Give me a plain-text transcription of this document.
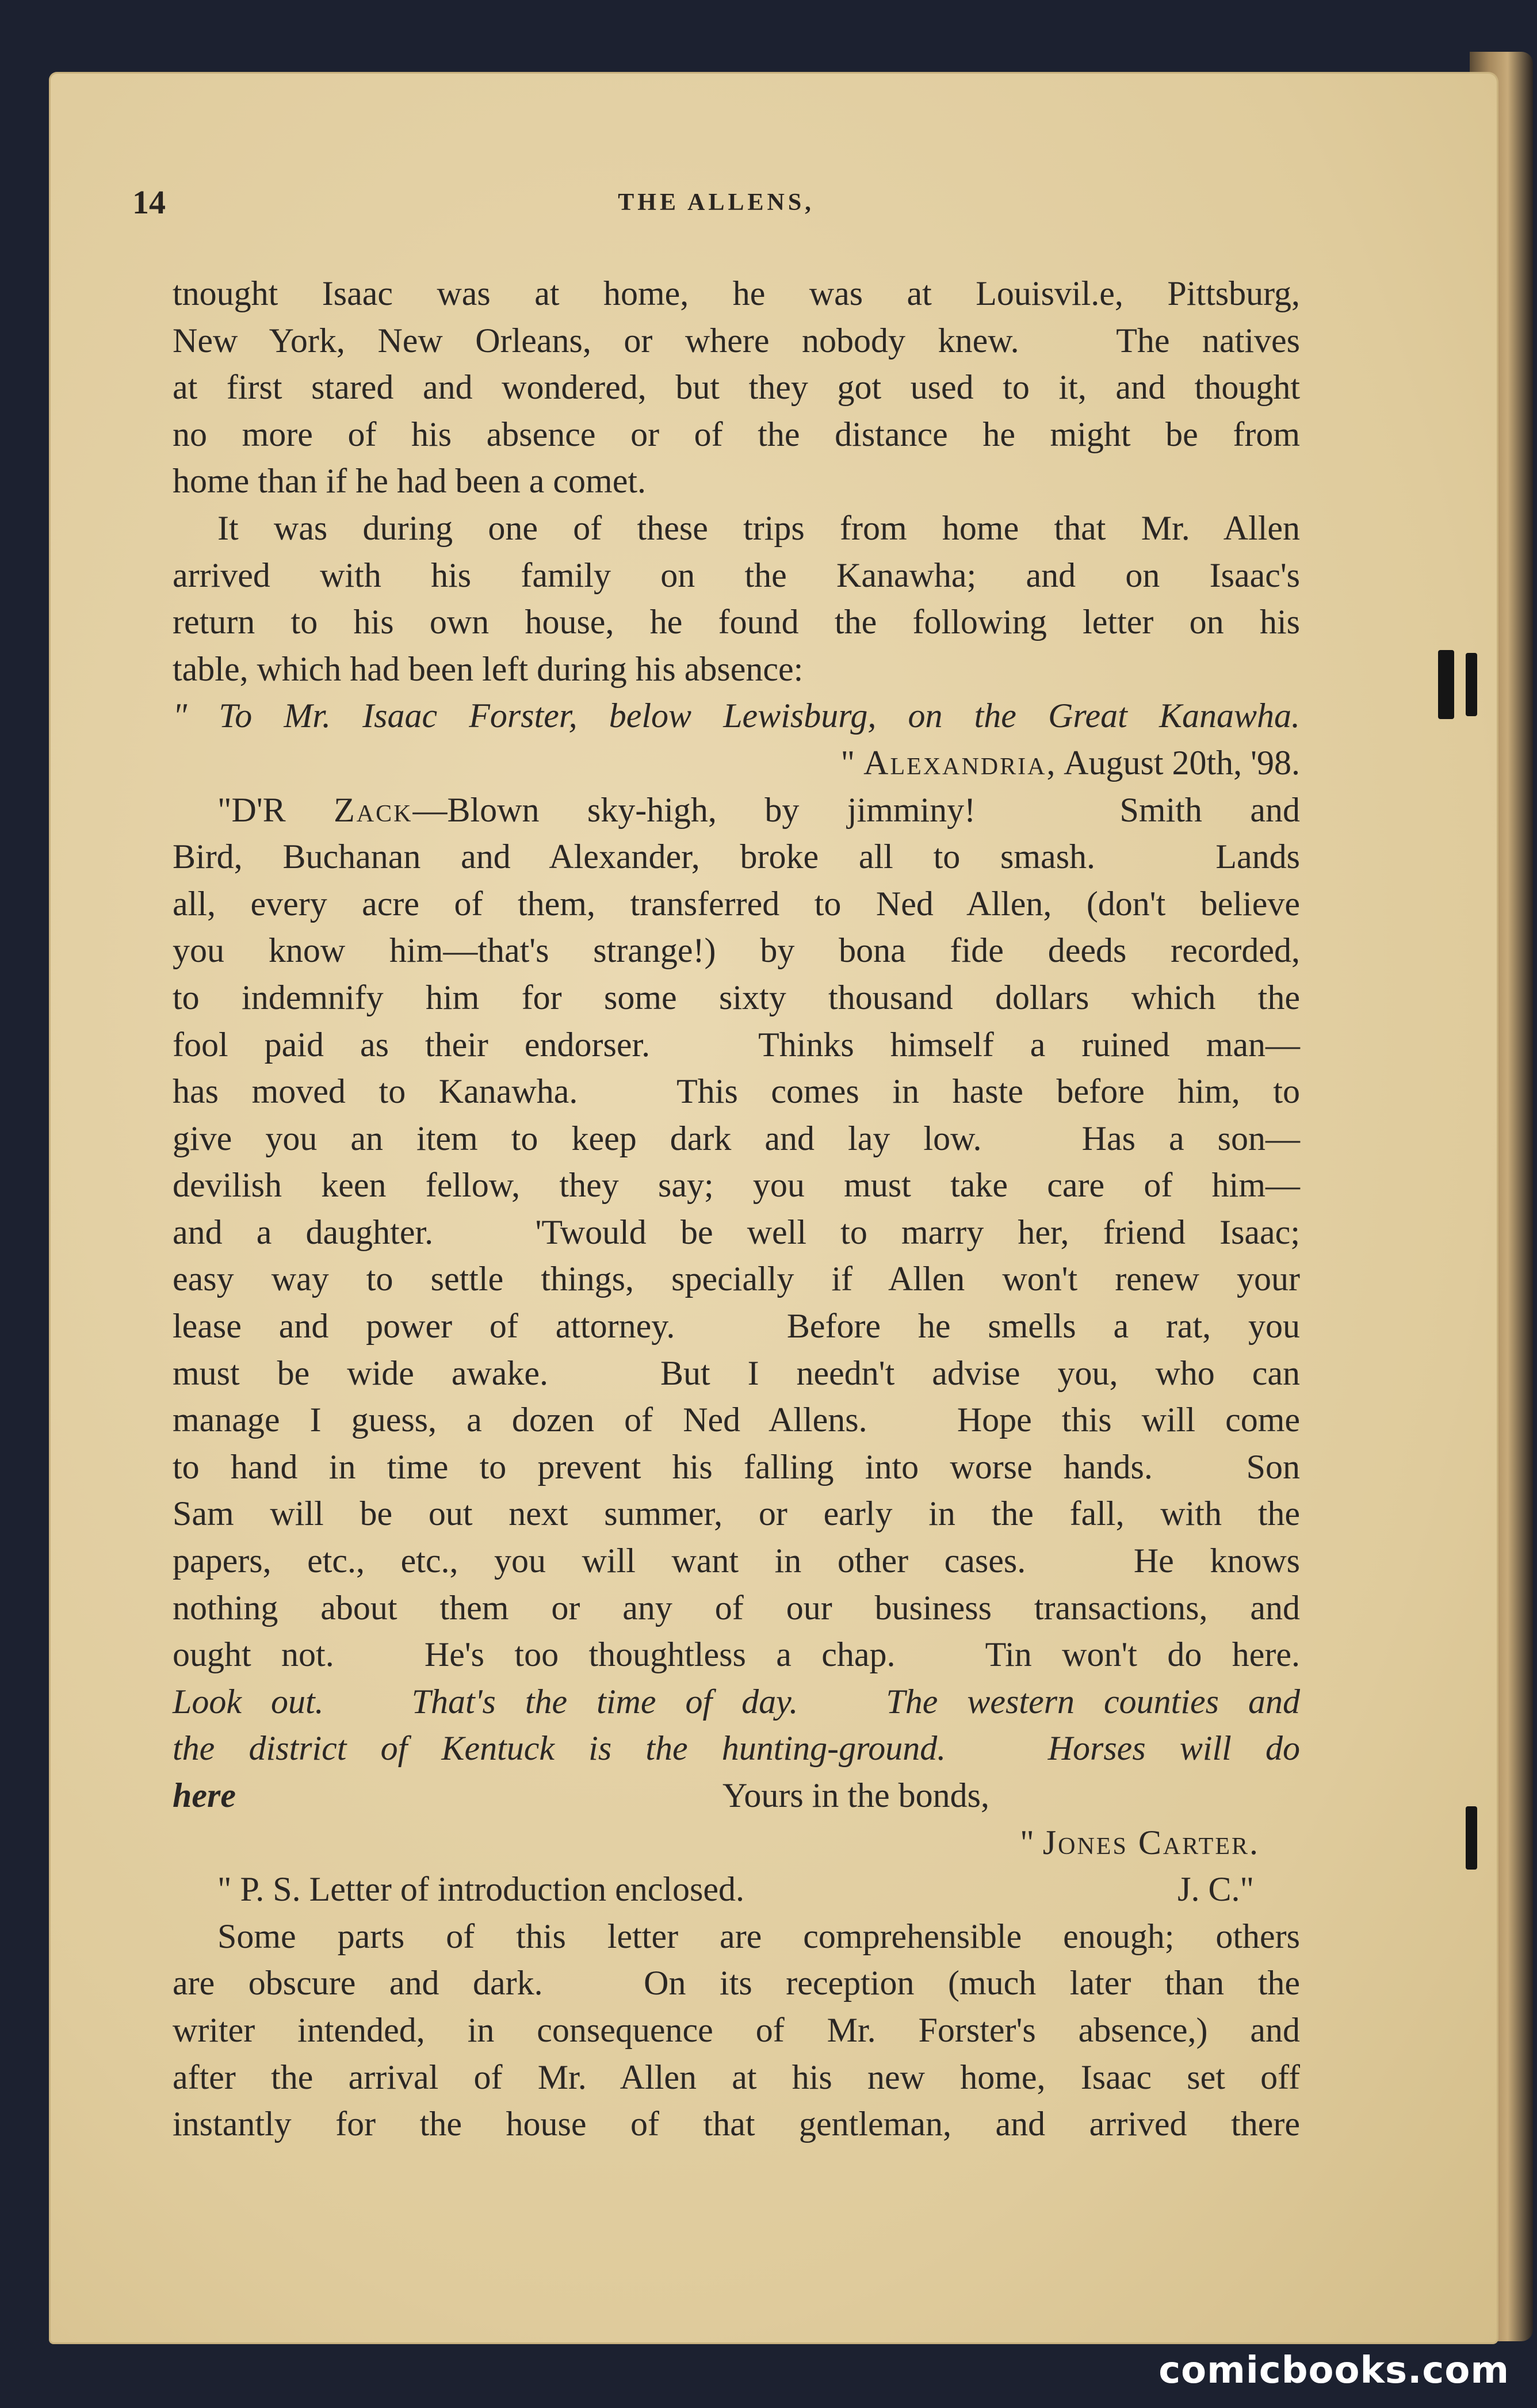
14	THE ALLENS,
tnought Isaac was at home, he was at Louisvil.e, Pittsburg,
New York, New Orleans, or where nobody knew.   The natives
at first stared and wondered, but they got used to it, and thought
no more of his absence or of the distance he might be from
home than if he had been a comet.
It was during one of these trips from home that Mr. Allen
arrived with his family on the Kanawha; and on Isaac's
return to his own house, he found the following letter on his
table, which had been left during his absence:
" To Mr. Isaac Forster, below Lewisburg, on the Great Kanawha.
" Alexandria, August 20th, '98.
"D'R Zack—Blown sky-high, by jimminy!   Smith and
Bird, Buchanan and Alexander, broke all to smash.   Lands
all, every acre of them, transferred to Ned Allen, (don't believe
you know him—that's strange!) by bona fide deeds recorded,
to indemnify him for some sixty thousand dollars which the
fool paid as their endorser.   Thinks himself a ruined man—
has moved to Kanawha.   This comes in haste before him, to
give you an item to keep dark and lay low.   Has a son—
devilish keen fellow, they say; you must take care of him—
and a daughter.   'Twould be well to marry her, friend Isaac;
easy way to settle things, specially if Allen won't renew your
lease and power of attorney.   Before he smells a rat, you
must be wide awake.   But I needn't advise you, who can
manage I guess, a dozen of Ned Allens.   Hope this will come
to hand in time to prevent his falling into worse hands.   Son
Sam will be out next summer, or early in the fall, with the
papers, etc., etc., you will want in other cases.   He knows
nothing about them or any of our business transactions, and
ought not.   He's too thoughtless a chap.   Tin won't do here.
Look out.   That's the time of day.   The western counties and
the district of Kentuck is the hunting-ground.   Horses will do
here	Yours in the bonds,
" Jones Carter.
" P. S. Letter of introduction enclosed.	J. C."
Some parts of this letter are comprehensible enough; others
are obscure and dark.   On its reception (much later than the
writer intended, in consequence of Mr. Forster's absence,) and
after the arrival of Mr. Allen at his new home, Isaac set off
instantly for the house of that gentleman, and arrived there
comicbooks.com
